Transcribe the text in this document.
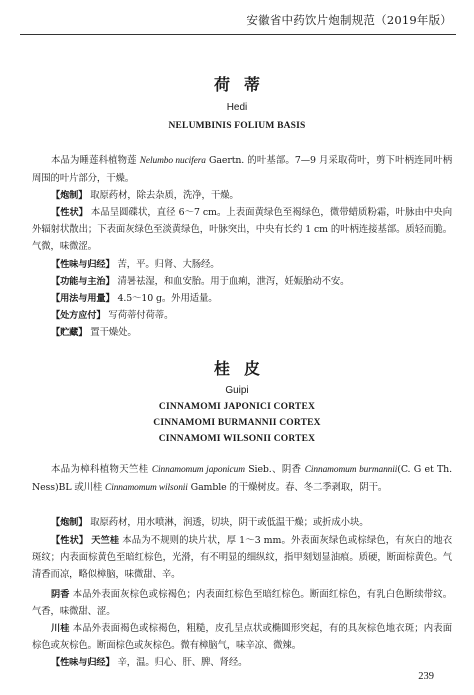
安徽省中药饮片炮制规范（2019年版）
荷蒂
Hedi
NELUMBINIS FOLIUM BASIS
本品为睡莲科植物莲 Nelumbo nucifera Gaertn. 的叶基部。7—9 月采取荷叶，剪下叶柄连同叶柄周围的叶片部分，干燥。
【炮制】 取原药材，除去杂质，洗净，干燥。
【性状】 本品呈圆碟状，直径 6～7 cm。上表面黄绿色至褐绿色，微带蜡质粉霜，叶脉由中央向外辐射状散出；下表面灰绿色至淡黄绿色，叶脉突出，中央有长约 1 cm 的叶柄连接基部。质轻而脆。气微，味微涩。
【性味与归经】 苦，平。归肾、大肠经。
【功能与主治】 清暑祛湿，和血安胎。用于血痢，泄泻，妊娠胎动不安。
【用法与用量】 4.5～10 g。外用适量。
【处方应付】 写荷蒂付荷蒂。
【贮藏】 置干燥处。
桂皮
Guipi
CINNAMOMI JAPONICI CORTEX
CINNAMOMI BURMANNII CORTEX
CINNAMOMI WILSONII CORTEX
本品为樟科植物天竺桂 Cinnamomum japonicum Sieb.、阴香 Cinnamomum burmannii(C. G et Th. Ness)BL 或川桂 Cinnamomum wilsonii Gamble 的干燥树皮。春、冬二季剥取，阴干。
【炮制】 取原药材，用水喷淋，润透，切块，阴干或低温干燥；或折成小块。
【性状】 天竺桂 本品为不规则的块片状，厚 1～3 mm。外表面灰绿色或棕绿色，有灰白的地衣斑纹；内表面棕黄色至暗红棕色，光滑，有不明显的细纵纹，指甲刻划显油痕。质硬，断面棕黄色。气清香而凉，略似樟脑，味微甜、辛。
阴香 本品外表面灰棕色或棕褐色；内表面红棕色至暗红棕色。断面红棕色，有乳白色断续带纹。气香，味微甜、涩。
川桂 本品外表面褐色或棕褐色，粗糙，皮孔呈点状或椭圆形突起，有的具灰棕色地衣斑；内表面棕色或灰棕色。断面棕色或灰棕色。微有樟脑气，味辛凉、微辣。
【性味与归经】 辛，温。归心、肝、脾、肾经。
239
